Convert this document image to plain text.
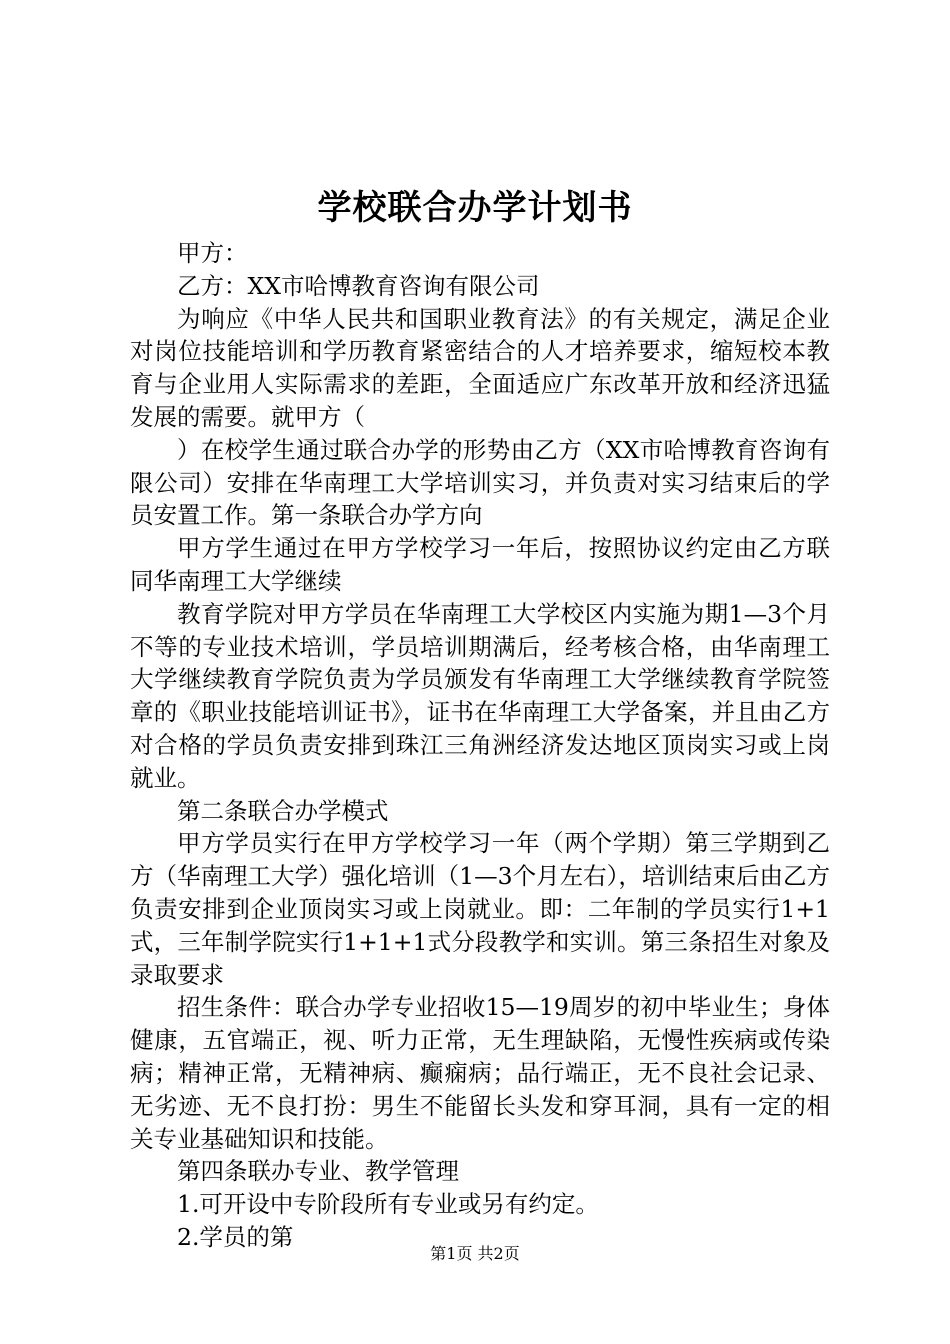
学校联合办学计划书

甲方：

乙方：XX市哈博教育咨询有限公司

为响应《中华人民共和国职业教育法》的有关规定，满足企业对岗位技能培训和学历教育紧密结合的人才培养要求，缩短校本教育与企业用人实际需求的差距，全面适应广东改革开放和经济迅猛发展的需要。就甲方（

）在校学生通过联合办学的形势由乙方（XX市哈博教育咨询有限公司）安排在华南理工大学培训实习，并负责对实习结束后的学员安置工作。第一条联合办学方向

甲方学生通过在甲方学校学习一年后，按照协议约定由乙方联同华南理工大学继续

教育学院对甲方学员在华南理工大学校区内实施为期1—3个月不等的专业技术培训，学员培训期满后，经考核合格，由华南理工大学继续教育学院负责为学员颁发有华南理工大学继续教育学院签章的《职业技能培训证书》，证书在华南理工大学备案，并且由乙方对合格的学员负责安排到珠江三角洲经济发达地区顶岗实习或上岗就业。

第二条联合办学模式

甲方学员实行在甲方学校学习一年（两个学期）第三学期到乙方（华南理工大学）强化培训（1—3个月左右），培训结束后由乙方负责安排到企业顶岗实习或上岗就业。即：二年制的学员实行1+1式，三年制学院实行1+1+1式分段教学和实训。第三条招生对象及录取要求

招生条件：联合办学专业招收15—19周岁的初中毕业生；身体健康，五官端正，视、听力正常，无生理缺陷，无慢性疾病或传染病；精神正常，无精神病、癫痫病；品行端正，无不良社会记录、无劣迹、无不良打扮：男生不能留长头发和穿耳洞，具有一定的相关专业基础知识和技能。

第四条联办专业、教学管理

1.可开设中专阶段所有专业或另有约定。

2.学员的第

第1页 共2页
